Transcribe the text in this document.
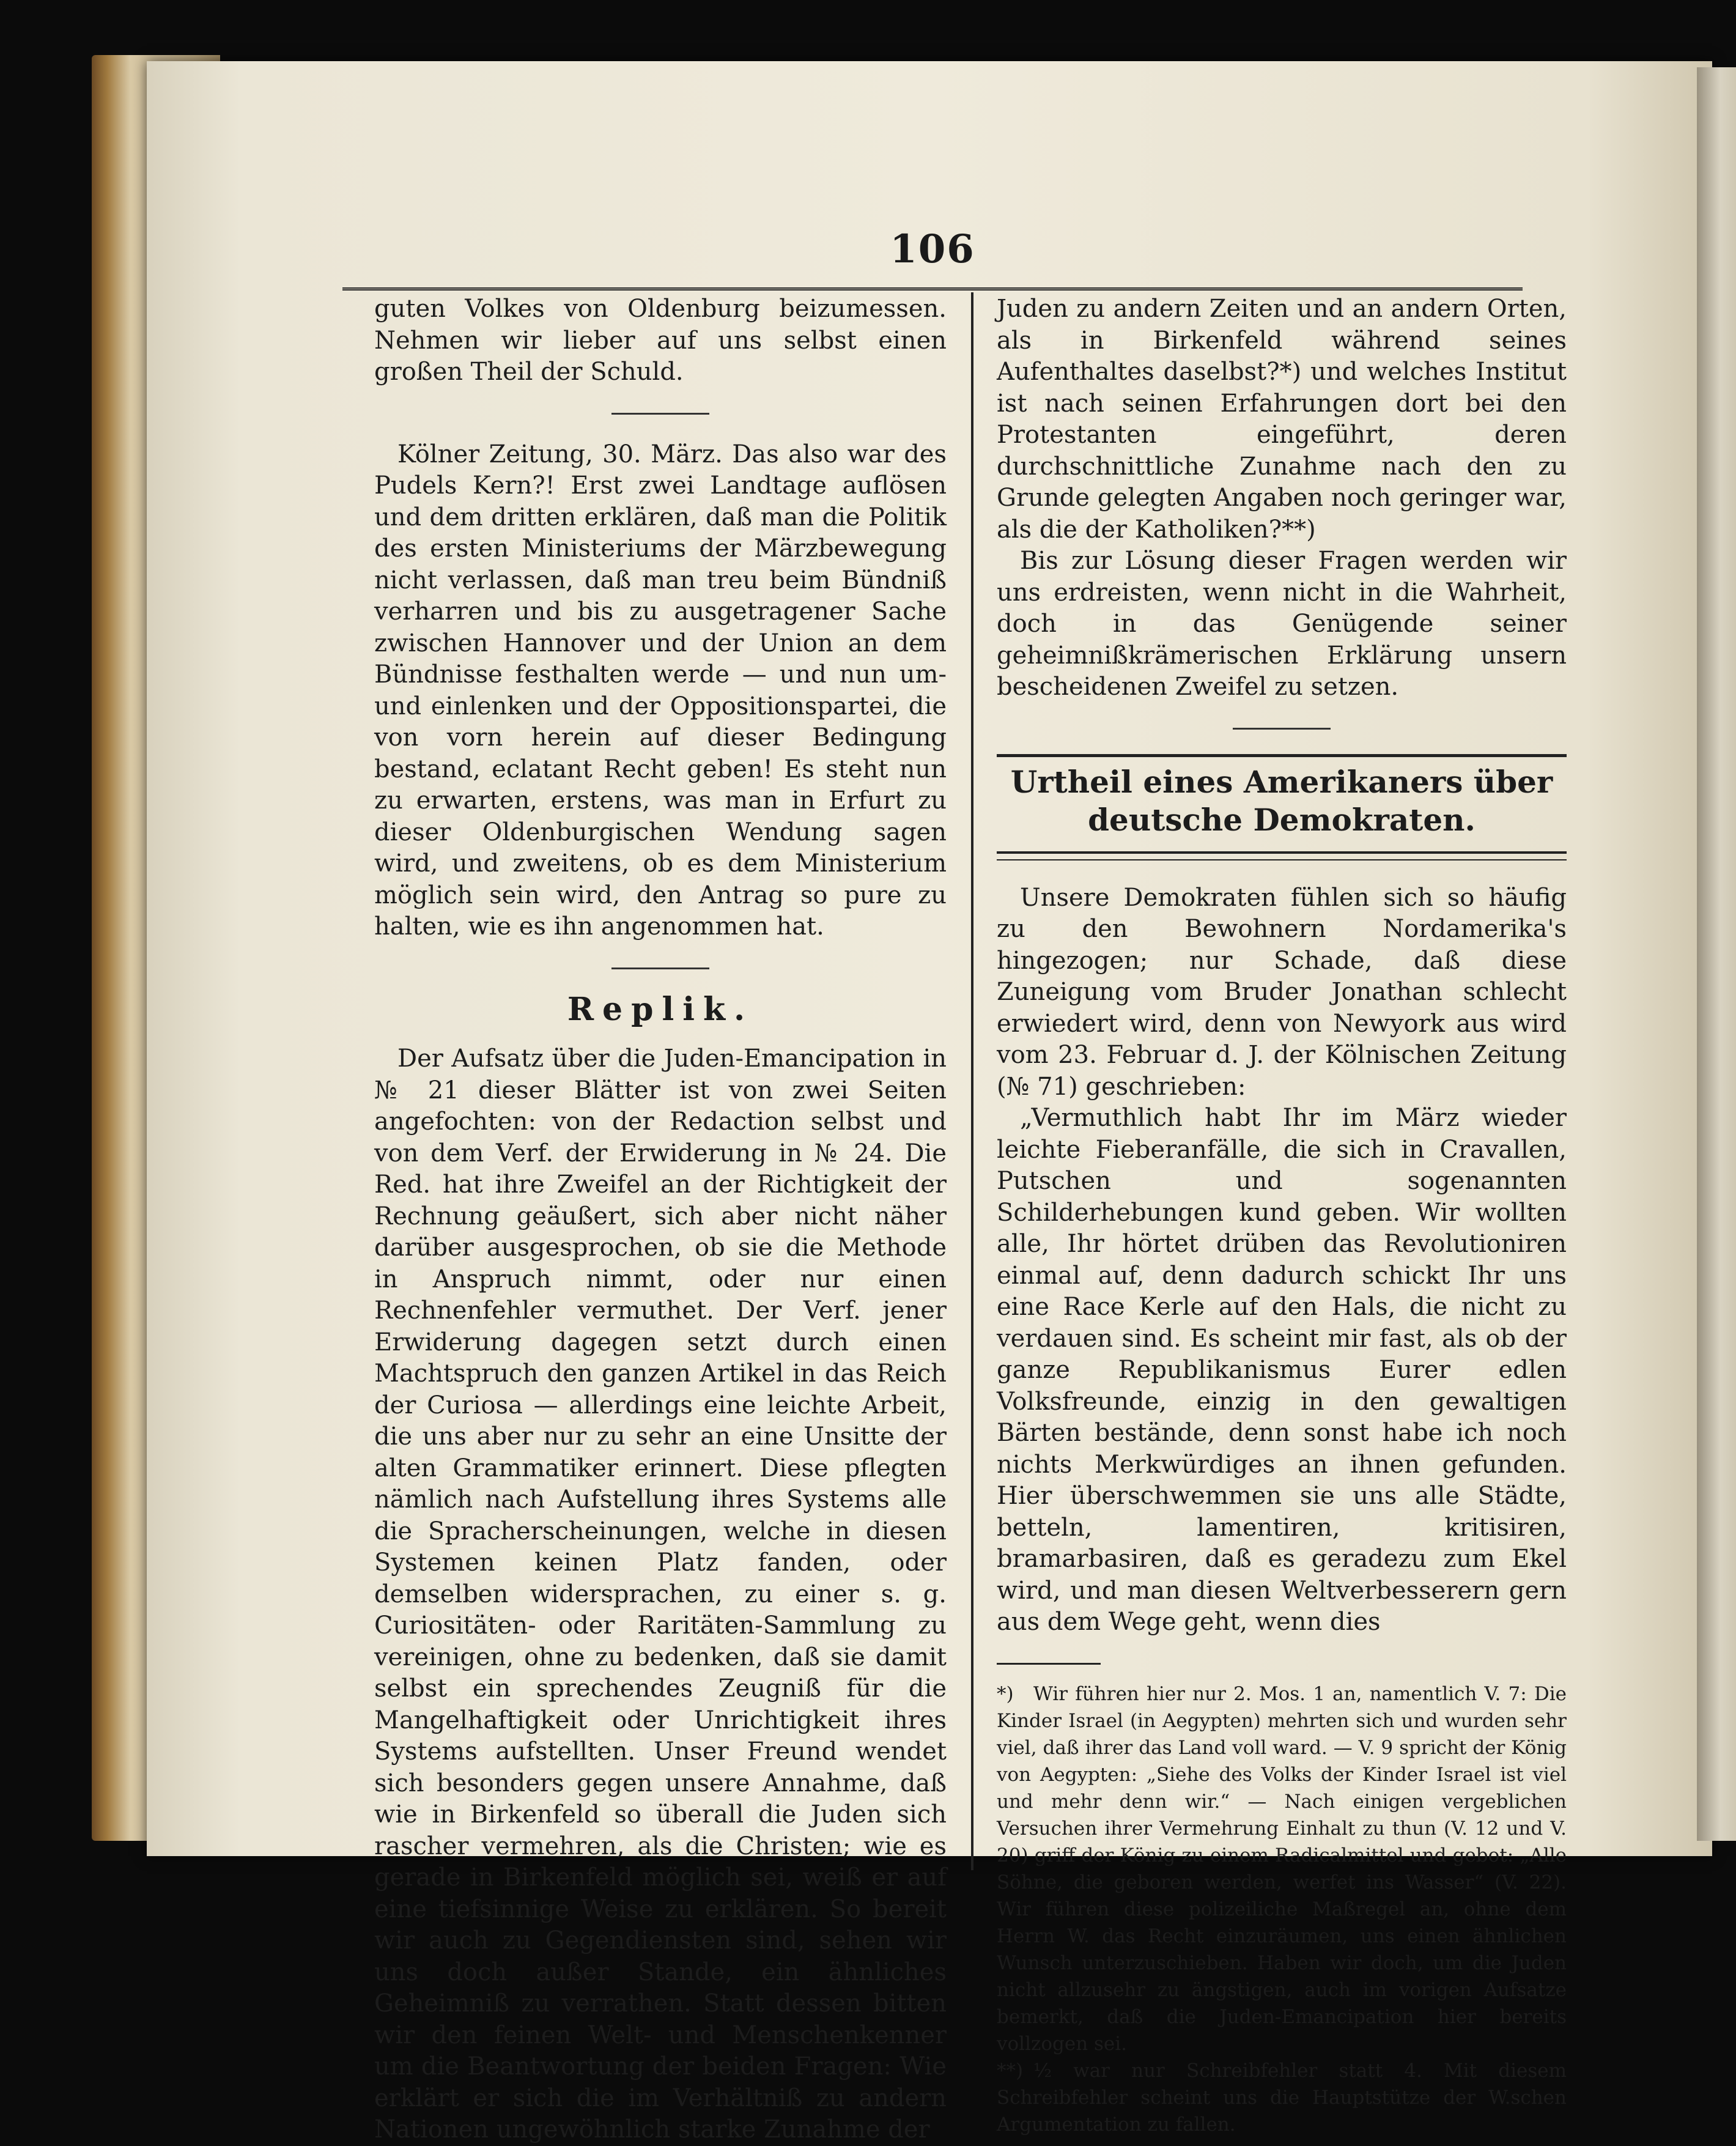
106

guten Volkes von Oldenburg beizumessen. Nehmen wir lieber auf uns selbst einen großen Theil der Schuld.

Kölner Zeitung, 30. März. Das also war des Pudels Kern?! Erst zwei Landtage auflösen und dem dritten erklären, daß man die Politik des ersten Ministeriums der Märzbewegung nicht verlassen, daß man treu beim Bündniß verharren und bis zu ausgetragener Sache zwischen Hannover und der Union an dem Bündnisse festhalten werde — und nun um- und einlenken und der Oppositionspartei, die von vorn herein auf dieser Bedingung bestand, eclatant Recht geben! Es steht nun zu erwarten, erstens, was man in Erfurt zu dieser Oldenburgischen Wendung sagen wird, und zweitens, ob es dem Ministerium möglich sein wird, den Antrag so pure zu halten, wie es ihn angenommen hat.

Replik.

Der Aufsatz über die Juden-Emancipation in № 21 dieser Blätter ist von zwei Seiten angefochten: von der Redaction selbst und von dem Verf. der Erwiderung in № 24. Die Red. hat ihre Zweifel an der Richtigkeit der Rechnung geäußert, sich aber nicht näher darüber ausgesprochen, ob sie die Methode in Anspruch nimmt, oder nur einen Rechnenfehler vermuthet. Der Verf. jener Erwiderung dagegen setzt durch einen Machtspruch den ganzen Artikel in das Reich der Curiosa — allerdings eine leichte Arbeit, die uns aber nur zu sehr an eine Unsitte der alten Grammatiker erinnert. Diese pflegten nämlich nach Aufstellung ihres Systems alle die Spracherscheinungen, welche in diesen Systemen keinen Platz fanden, oder demselben widersprachen, zu einer s. g. Curiositäten- oder Raritäten-Sammlung zu vereinigen, ohne zu bedenken, daß sie damit selbst ein sprechendes Zeugniß für die Mangelhaftigkeit oder Unrichtigkeit ihres Systems aufstellten. Unser Freund wendet sich besonders gegen unsere Annahme, daß wie in Birkenfeld so überall die Juden sich rascher vermehren, als die Christen; wie es gerade in Birkenfeld möglich sei, weiß er auf eine tiefsinnige Weise zu erklären. So bereit wir auch zu Gegendiensten sind, sehen wir uns doch außer Stande, ein ähnliches Geheimniß zu verrathen. Statt dessen bitten wir den feinen Welt- und Menschenkenner um die Beantwortung der beiden Fragen: Wie erklärt er sich die im Verhältniß zu andern Nationen ungewöhnlich starke Zunahme der

Juden zu andern Zeiten und an andern Orten, als in Birkenfeld während seines Aufenthaltes daselbst?*) und welches Institut ist nach seinen Erfahrungen dort bei den Protestanten eingeführt, deren durchschnittliche Zunahme nach den zu Grunde gelegten Angaben noch geringer war, als die der Katholiken?**)

Bis zur Lösung dieser Fragen werden wir uns erdreisten, wenn nicht in die Wahrheit, doch in das Genügende seiner geheimnißkrämerischen Erklärung unsern bescheidenen Zweifel zu setzen.

Urtheil eines Amerikaners über deutsche Demokraten.

Unsere Demokraten fühlen sich so häufig zu den Bewohnern Nordamerika's hingezogen; nur Schade, daß diese Zuneigung vom Bruder Jonathan schlecht erwiedert wird, denn von Newyork aus wird vom 23. Februar d. J. der Kölnischen Zeitung (№ 71) geschrieben:

„Vermuthlich habt Ihr im März wieder leichte Fieberanfälle, die sich in Cravallen, Putschen und sogenannten Schilderhebungen kund geben. Wir wollten alle, Ihr hörtet drüben das Revolutioniren einmal auf, denn dadurch schickt Ihr uns eine Race Kerle auf den Hals, die nicht zu verdauen sind. Es scheint mir fast, als ob der ganze Republikanismus Eurer edlen Volksfreunde, einzig in den gewaltigen Bärten bestände, denn sonst habe ich noch nichts Merkwürdiges an ihnen gefunden. Hier überschwemmen sie uns alle Städte, betteln, lamentiren, kritisiren, bramarbasiren, daß es geradezu zum Ekel wird, und man diesen Weltverbesserern gern aus dem Wege geht, wenn dies

*) Wir führen hier nur 2. Mos. 1 an, namentlich V. 7: Die Kinder Israel (in Aegypten) mehrten sich und wurden sehr viel, daß ihrer das Land voll ward. — V. 9 spricht der König von Aegypten: „Siehe des Volks der Kinder Israel ist viel und mehr denn wir.“ — Nach einigen vergeblichen Versuchen ihrer Vermehrung Einhalt zu thun (V. 12 und V. 20) griff der König zu einem Radicalmittel und gebot: „Alle Söhne, die geboren werden, werfet ins Wasser“ (V. 22). Wir führen diese polizeiliche Maßregel an, ohne dem Herrn W. das Recht einzuräumen, uns einen ähnlichen Wunsch unterzuschieben. Haben wir doch, um die Juden nicht allzusehr zu ängstigen, auch im vorigen Aufsatze bemerkt, daß die Juden-Emancipation hier bereits vollzogen sei.

**) ½ war nur Schreibfehler statt 4. Mit diesem Schreibfehler scheint uns die Hauptstütze der W.schen Argumentation zu fallen.
